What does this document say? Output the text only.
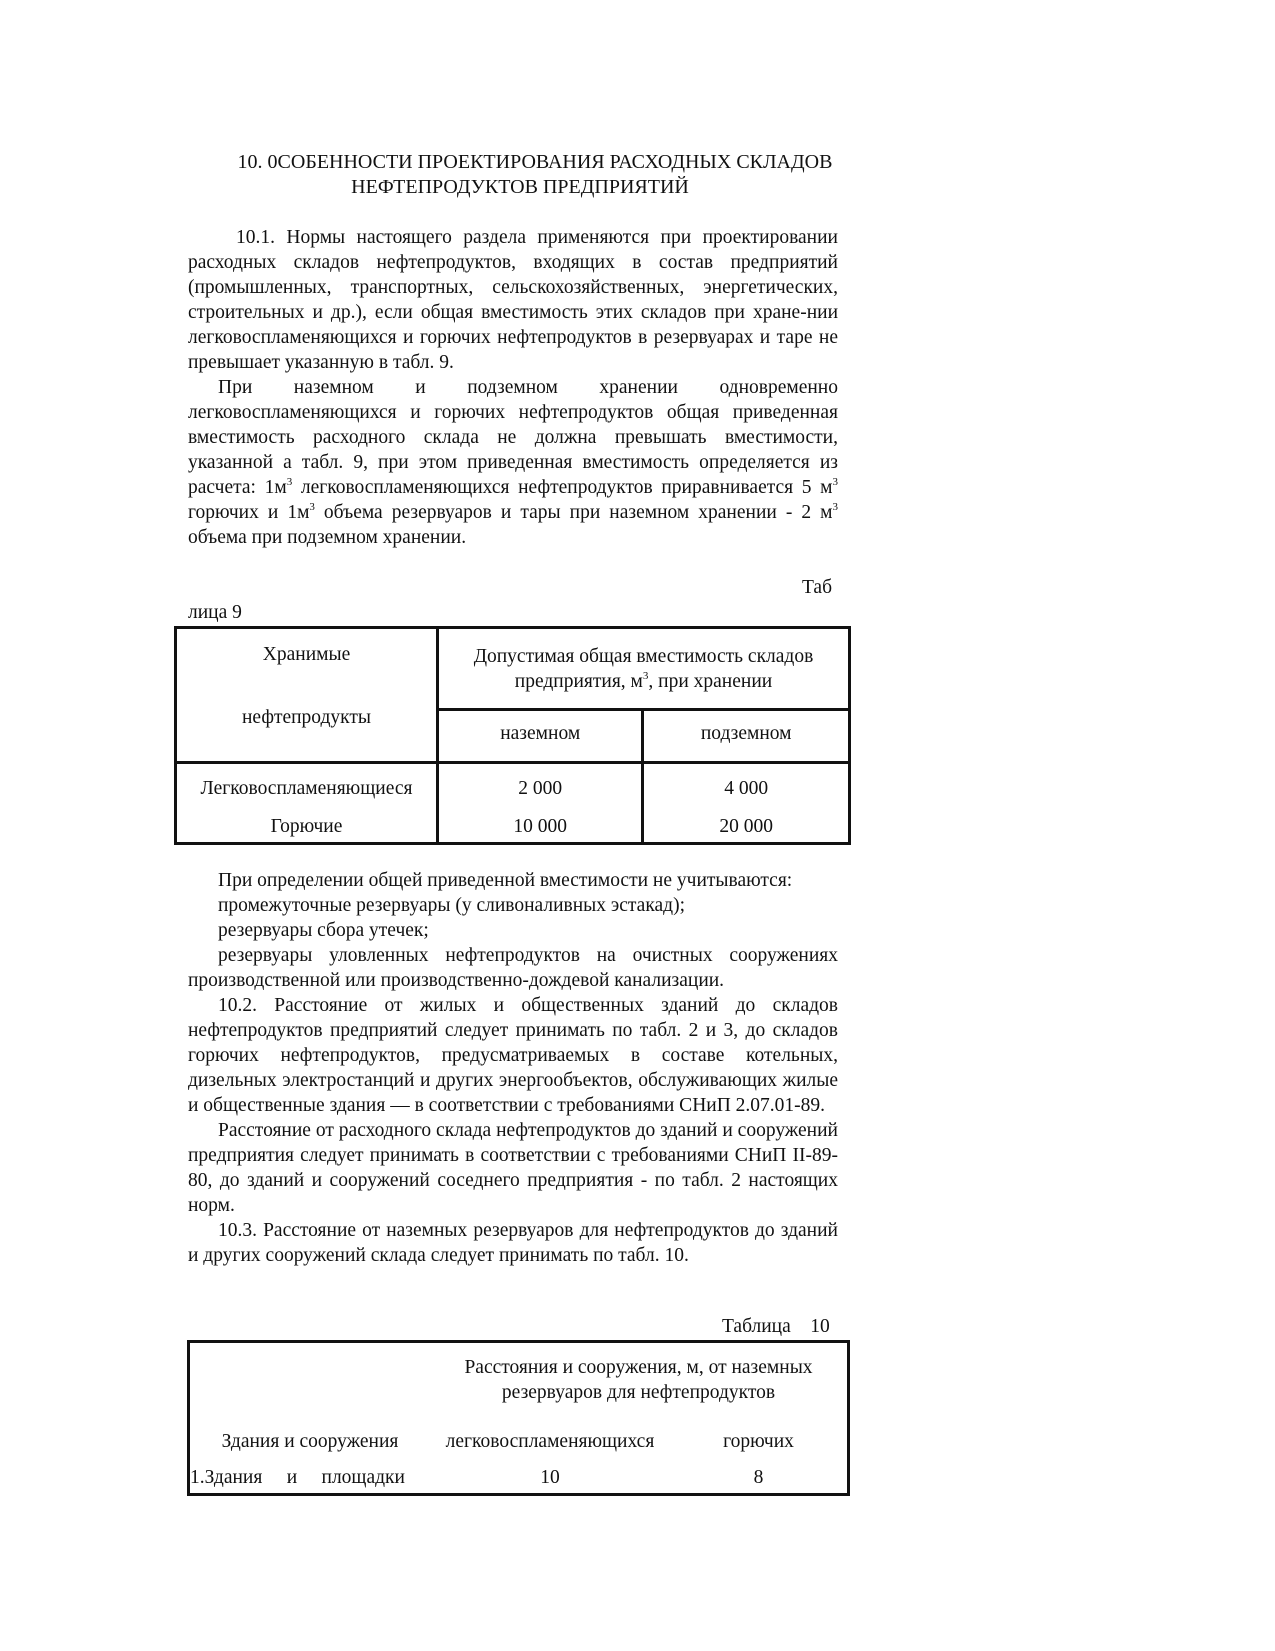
10. 0СОБЕННОСТИ ПРОЕКТИРОВАНИЯ РАСХОДНЫХ СКЛАДОВ
НЕФТЕПРОДУКТОВ ПРЕДПРИЯТИЙ

10.1. Нормы настоящего раздела применяются при проектировании расходных складов нефтепродуктов, входящих в состав предприятий (промышленных, транспортных, сельскохозяйственных, энергетических, строительных и др.), если общая вместимость этих складов при хране-нии легковоспламеняющихся и горючих нефтепродуктов в резервуарах и таре не превышает указанную в табл. 9.

При наземном и подземном хранении одновременно легковоспламеняющихся и горючих нефтепродуктов общая приведенная вместимость расходного склада не должна превышать вместимости, указанной а табл. 9, при этом приведенная вместимость определяется из расчета: $1м^3$ легковоспламеняющихся нефтепродуктов приравнивается 5 $м^3$ горючих и $1м^3$ объема резервуаров и тары при наземном хранении - 2 $м^3$ объема при подземном хранении.

Таб
лица 9
Хранимые
нефтепродукты	Допустимая общая вместимость складов предприятия, $м^3$, при хранении	
	наземном	подземном
Легковоспламеняющиеся	2 000	4 000
Горючие	10 000	20 000

При определении общей приведенной вместимости не учитываются:

промежуточные резервуары (у сливоналивных эстакад);

резервуары сбора утечек;

резервуары уловленных нефтепродуктов на очистных сооружениях производственной или производственно-дождевой канализации.

10.2. Расстояние от жилых и общественных зданий до складов нефтепродуктов предприятий следует принимать по табл. 2 и 3, до складов горючих нефтепродуктов, предусматриваемых в составе котельных, дизельных электростанций и других энергообъектов, обслуживающих жилые и общественные здания — в соответствии с требованиями СНиП 2.07.01-89.

Расстояние от расходного склада нефтепродуктов до зданий и сооружений предприятия следует принимать в соответствии с требованиями СНиП II-89-80, до зданий и сооружений соседнего предприятия - по табл. 2 настоящих норм.

10.3. Расстояние от наземных резервуаров для нефтепродуктов до зданий и других сооружений склада следует принимать по табл. 10.

Таблица    10
	Расстояния и сооружения, м, от наземных резервуаров для нефтепродуктов	
Здания и сооружения	легковоспламеняющихся	горючих
1.Здания     и     площадки	10	8
